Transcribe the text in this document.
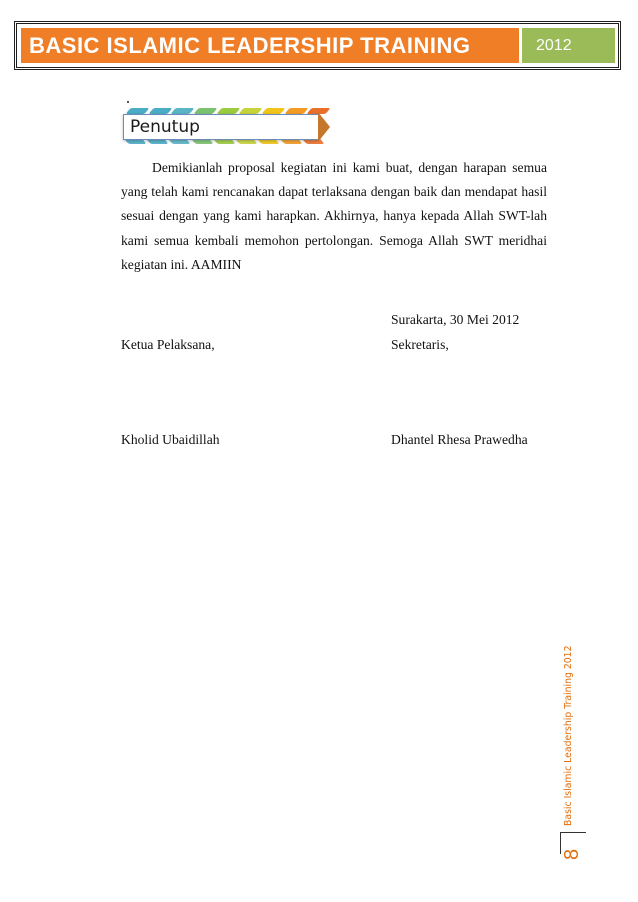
BASIC ISLAMIC LEADERSHIP TRAINING	2012
Penutup

Demikianlah proposal kegiatan ini kami buat, dengan harapan semua yang telah kami rencanakan dapat terlaksana dengan baik dan mendapat hasil sesuai dengan yang kami harapkan. Akhirnya, hanya kepada Allah SWT-lah kami semua kembali memohon pertolongan. Semoga Allah SWT meridhai kegiatan ini. AAMIIN

Surakarta, 30 Mei 2012
Ketua Pelaksana,	Sekretaris,
Kholid Ubaidillah	Dhantel Rhesa Prawedha
Basic Islamic Leadership Training 2012
8
